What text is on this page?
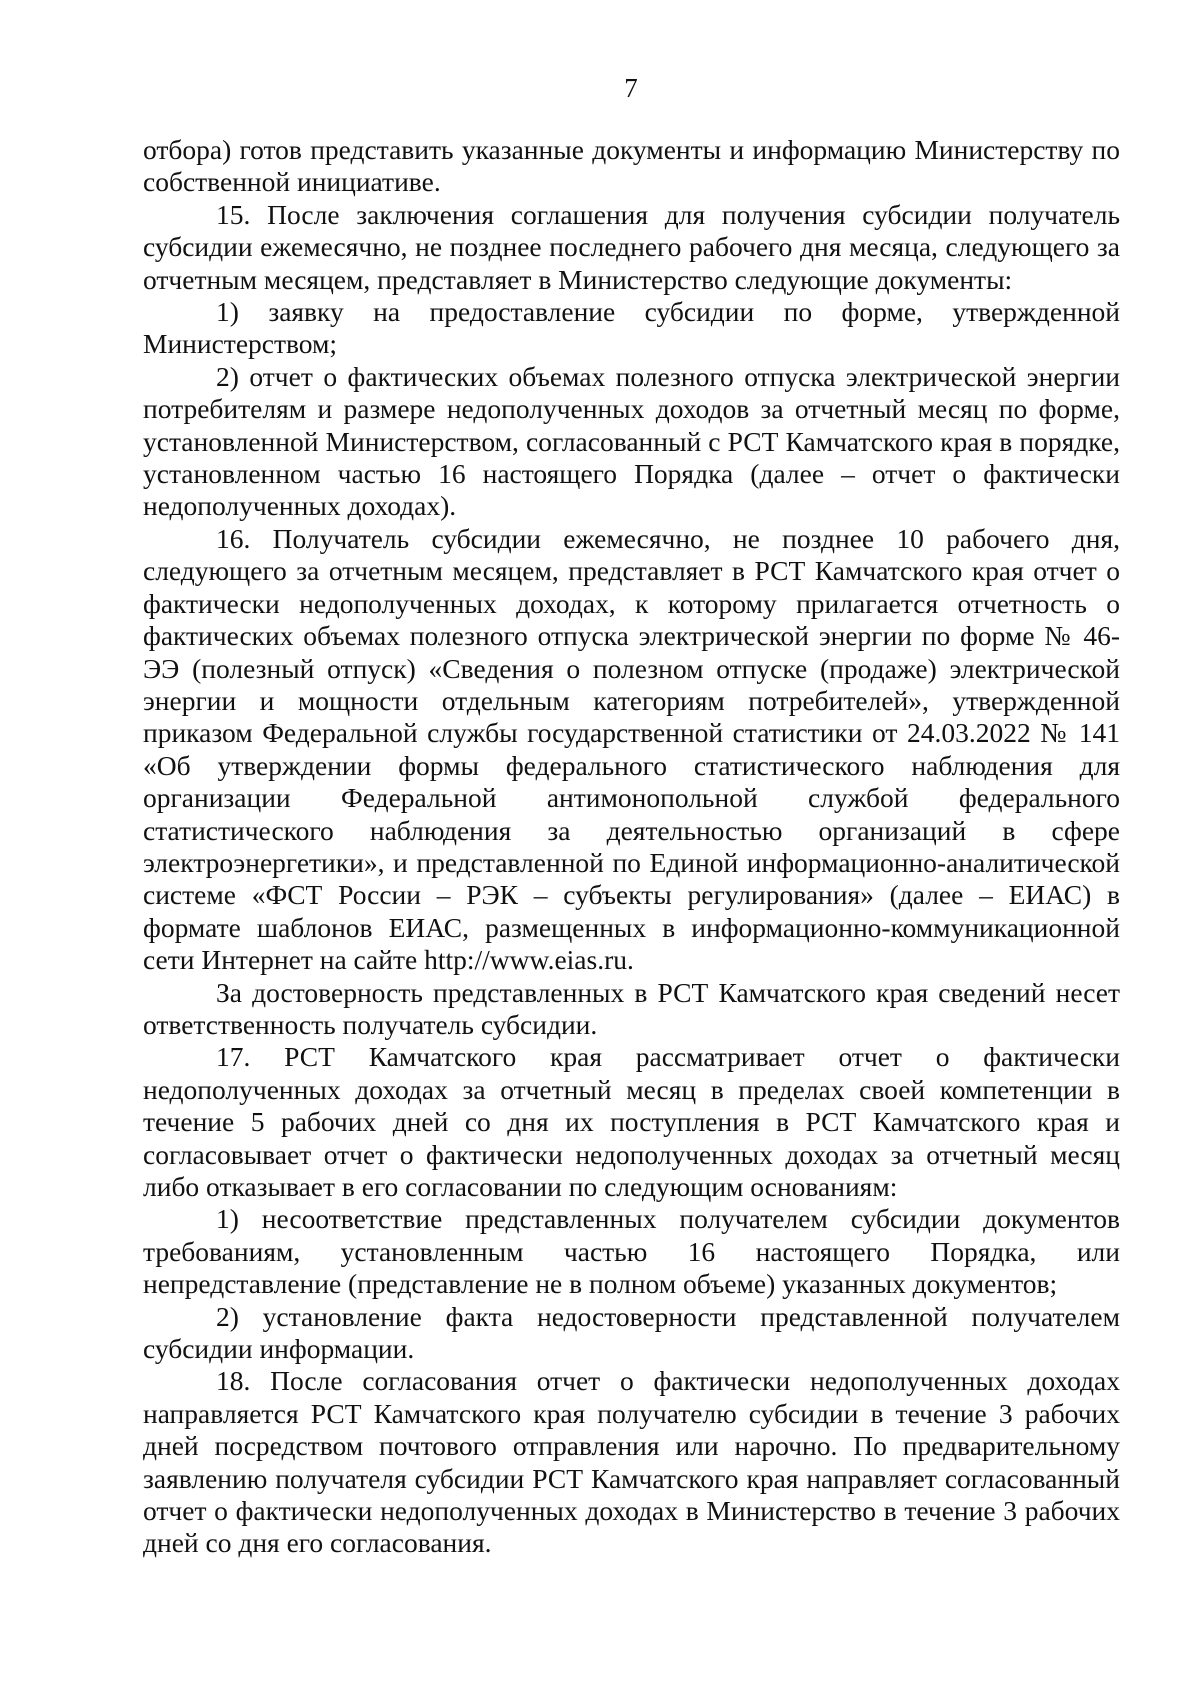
7

отбора) готов представить указанные документы и информацию Министерству по собственной инициативе.

15. После заключения соглашения для получения субсидии получатель субсидии ежемесячно, не позднее последнего рабочего дня месяца, следующего за отчетным месяцем, представляет в Министерство следующие документы:

1) заявку на предоставление субсидии по форме, утвержденной Министерством;

2) отчет о фактических объемах полезного отпуска электрической энергии потребителям и размере недополученных доходов за отчетный месяц по форме, установленной Министерством, согласованный с РСТ Камчатского края в порядке, установленном частью 16 настоящего Порядка (далее – отчет о фактически недополученных доходах).

16. Получатель субсидии ежемесячно, не позднее 10 рабочего дня, следующего за отчетным месяцем, представляет в РСТ Камчатского края отчет о фактически недополученных доходах, к которому прилагается отчетность о фактических объемах полезного отпуска электрической энергии по форме № 46-ЭЭ (полезный отпуск) «Сведения о полезном отпуске (продаже) электрической энергии и мощности отдельным категориям потребителей», утвержденной приказом Федеральной службы государственной статистики от 24.03.2022 № 141 «Об утверждении формы федерального статистического наблюдения для организации Федеральной антимонопольной службой федерального статистического наблюдения за деятельностью организаций в сфере электроэнергетики», и представленной по Единой информационно-аналитической системе «ФСТ России – РЭК – субъекты регулирования» (далее – ЕИАС) в формате шаблонов ЕИАС, размещенных в информационно-коммуникационной сети Интернет на сайте http://www.eias.ru.

За достоверность представленных в РСТ Камчатского края сведений несет ответственность получатель субсидии.

17. РСТ Камчатского края рассматривает отчет о фактически недополученных доходах за отчетный месяц в пределах своей компетенции в течение 5 рабочих дней со дня их поступления в РСТ Камчатского края и согласовывает отчет о фактически недополученных доходах за отчетный месяц либо отказывает в его согласовании по следующим основаниям:

1) несоответствие представленных получателем субсидии документов требованиям, установленным частью 16 настоящего Порядка, или непредставление (представление не в полном объеме) указанных документов;

2) установление факта недостоверности представленной получателем субсидии информации.

18. После согласования отчет о фактически недополученных доходах направляется РСТ Камчатского края получателю субсидии в течение 3 рабочих дней посредством почтового отправления или нарочно. По предварительному заявлению получателя субсидии РСТ Камчатского края направляет согласованный отчет о фактически недополученных доходах в Министерство в течение 3 рабочих дней со дня его согласования.
